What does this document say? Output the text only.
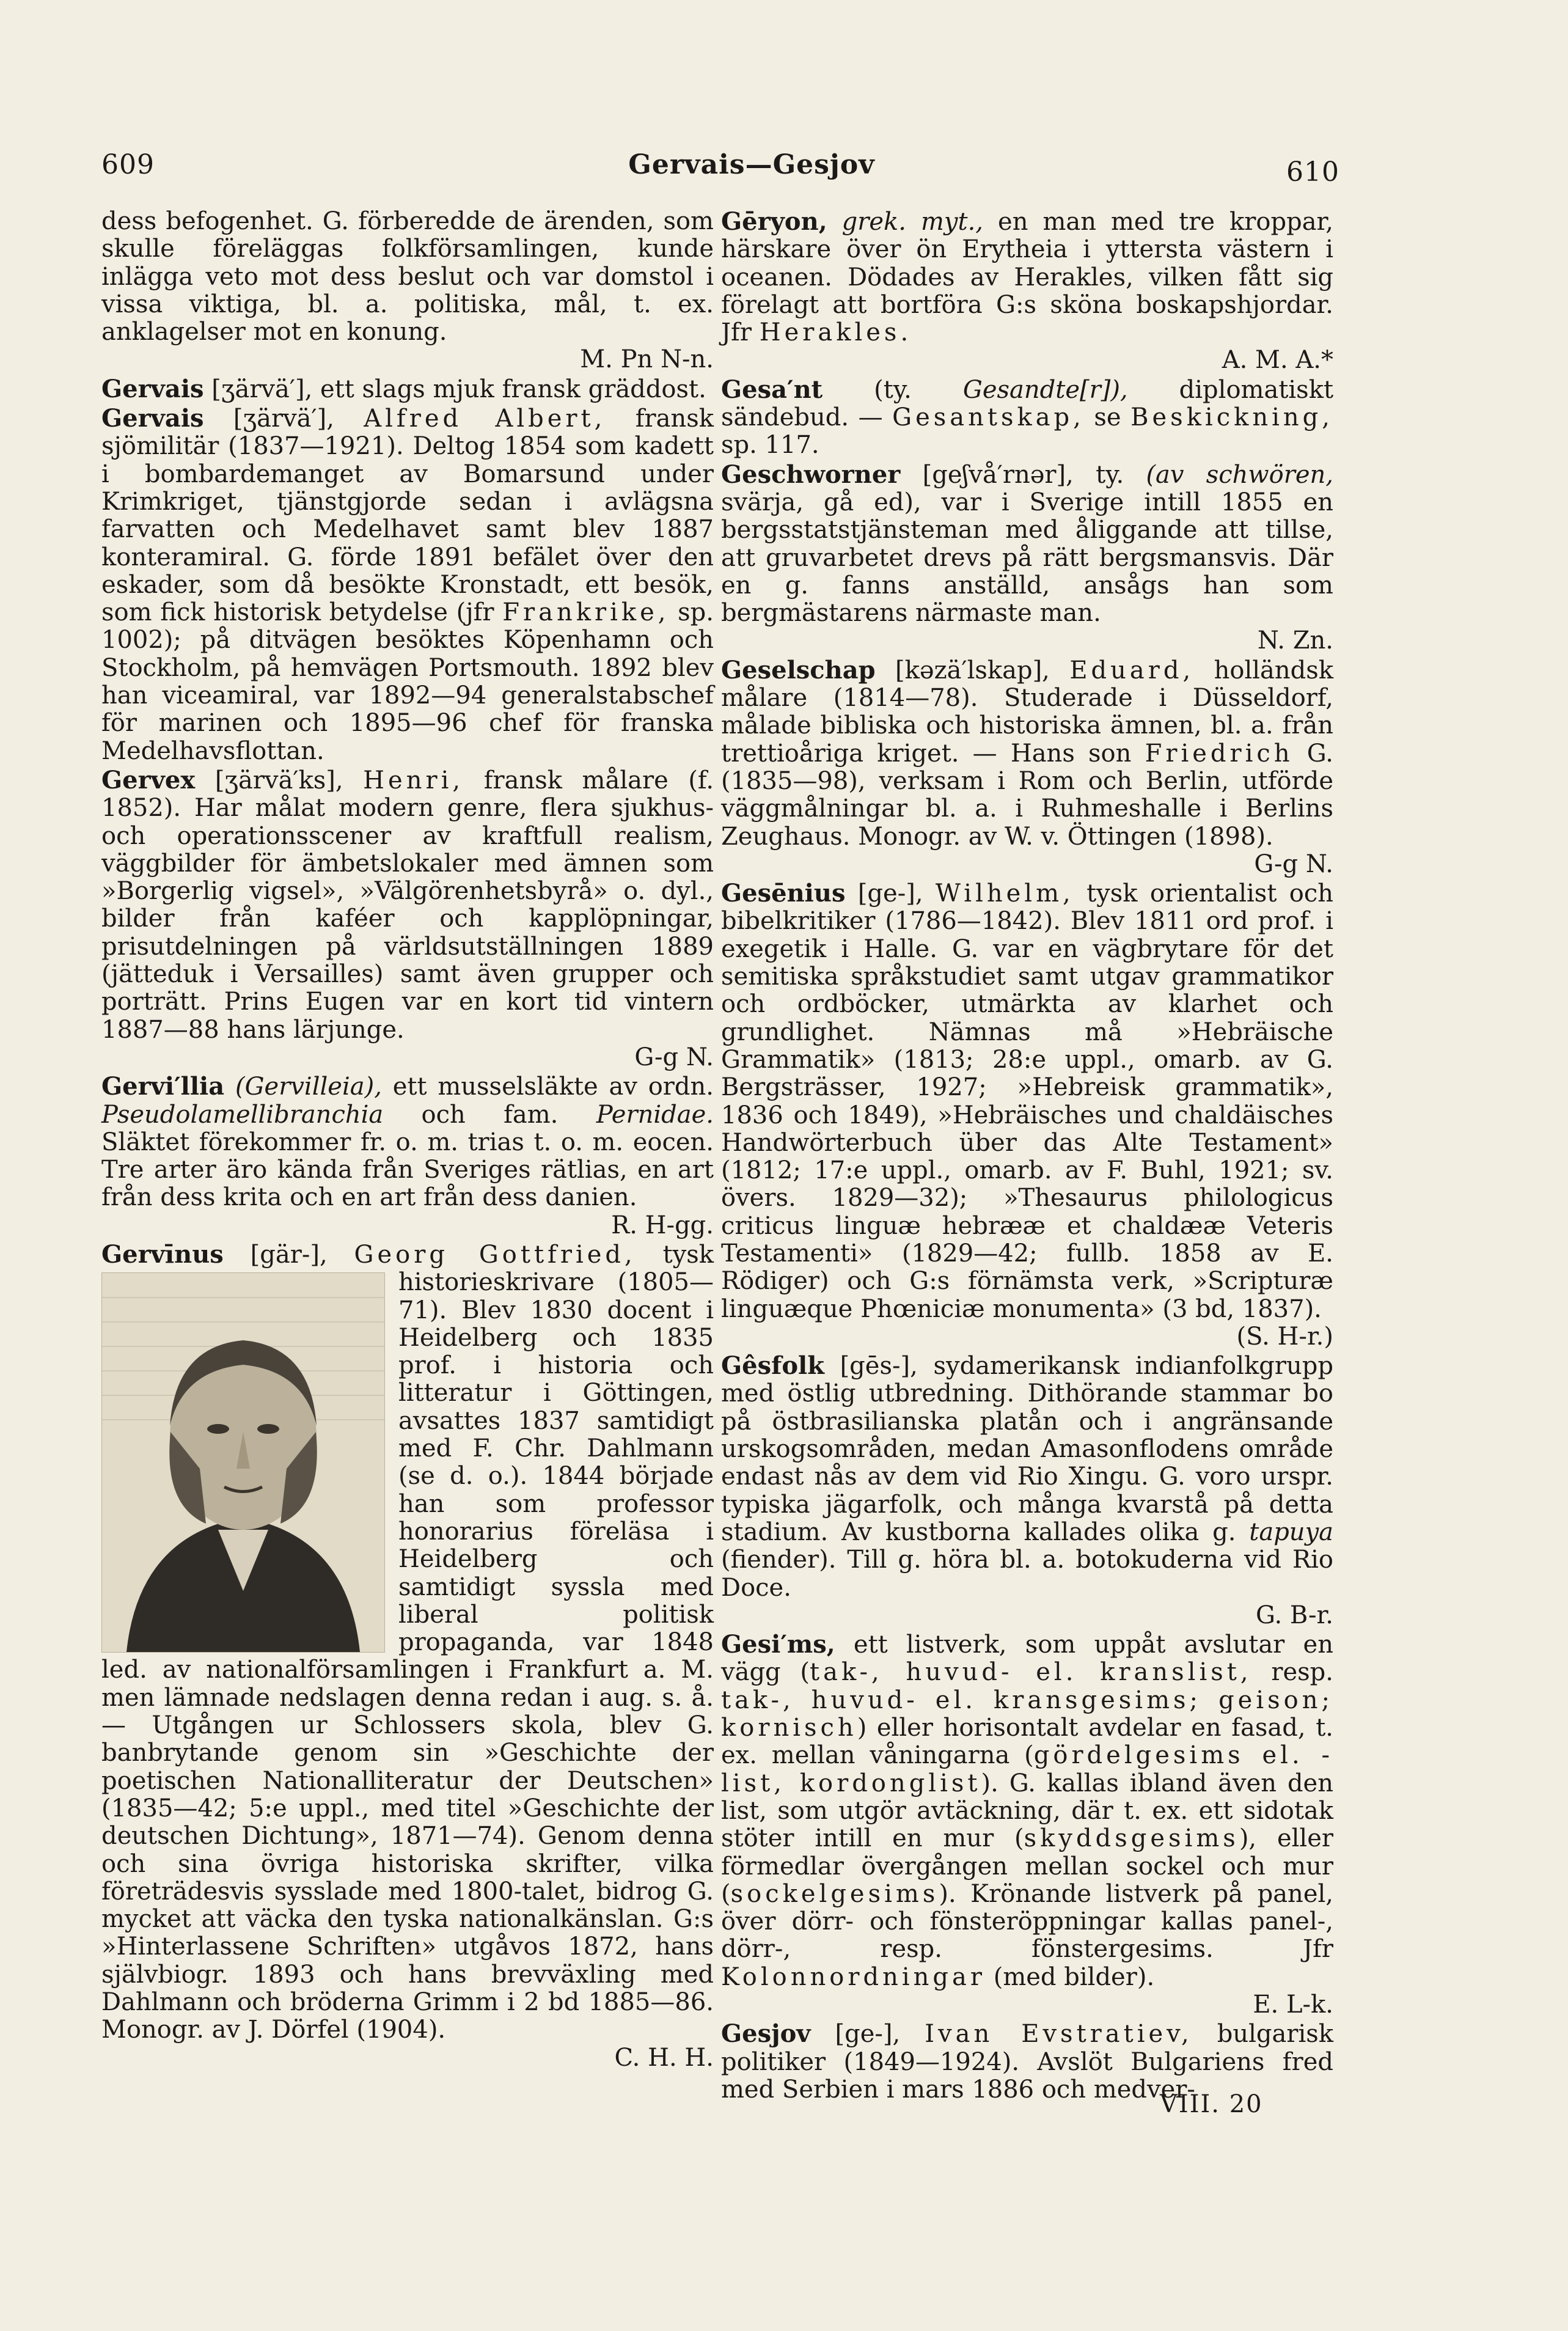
609	Gervais—Gesjov	610

dess befogenhet. G. förberedde de ärenden, som skulle föreläggas folkförsamlingen, kunde inlägga veto mot dess beslut och var domstol i vissa viktiga, bl. a. politiska, mål, t. ex. anklagelser mot en konung.
M. Pn N-n.

Gervais [ʒärvä′], ett slags mjuk fransk gräddost.

Gervais [ʒärvä′], Alfred Albert, fransk sjömilitär (1837—1921). Deltog 1854 som kadett i bombardemanget av Bomarsund under Krimkriget, tjänstgjorde sedan i avlägsna farvatten och Medelhavet samt blev 1887 konteramiral. G. förde 1891 befälet över den eskader, som då besökte Kronstadt, ett besök, som fick historisk betydelse (jfr Frankrike, sp. 1002); på ditvägen besöktes Köpenhamn och Stockholm, på hemvägen Portsmouth. 1892 blev han viceamiral, var 1892—94 generalstabschef för marinen och 1895—96 chef för franska Medelhavsflottan.

Gervex [ʒärvä′ks], Henri, fransk målare (f. 1852). Har målat modern genre, flera sjukhus- och operationsscener av kraftfull realism, väggbilder för ämbetslokaler med ämnen som »Borgerlig vigsel», »Välgörenhetsbyrå» o. dyl., bilder från kaféer och kapplöpningar, prisutdelningen på världsutställningen 1889 (jätteduk i Versailles) samt även grupper och porträtt. Prins Eugen var en kort tid vintern 1887—88 hans lärjunge.
G-g N.

Gervi′llia (Gervilleia), ett musselsläkte av ordn. Pseudolamellibranchia och fam. Pernidae. Släktet förekommer fr. o. m. trias t. o. m. eocen. Tre arter äro kända från Sveriges rätlias, en art från dess krita och en art från dess danien.
R. H-gg.

Gervīnus [gär-], Georg Gottfried, tysk historieskrivare (1805—71). Blev 1830 docent i Heidelberg och 1835 prof. i historia och litteratur i Göttingen, avsattes 1837 samtidigt med F. Chr. Dahlmann (se d. o.). 1844 började han som professor honorarius föreläsa i Heidelberg och samtidigt syssla med liberal politisk propaganda, var 1848 led. av nationalförsamlingen i Frankfurt a. M. men lämnade nedslagen denna redan i aug. s. å. — Utgången ur Schlossers skola, blev G. banbrytande genom sin »Geschichte der poetischen Nationalliteratur der Deutschen» (1835—42; 5:e uppl., med titel »Geschichte der deutschen Dichtung», 1871—74). Genom denna och sina övriga historiska skrifter, vilka företrädesvis sysslade med 1800-talet, bidrog G. mycket att väcka den tyska nationalkänslan. G:s »Hinterlassene Schriften» utgåvos 1872, hans självbiogr. 1893 och hans brevväxling med Dahlmann och bröderna Grimm i 2 bd 1885—86. Monogr. av J. Dörfel (1904).
C. H. H.

Gēryon, grek. myt., en man med tre kroppar, härskare över ön Erytheia i yttersta västern i oceanen. Dödades av Herakles, vilken fått sig förelagt att bortföra G:s sköna boskapshjordar. Jfr Herakles.
A. M. A.*

Gesa′nt (ty. Gesandte[r]), diplomatiskt sändebud. — Gesantskap, se Beskickning, sp. 117.

Geschworner [geʃvå′rnər], ty. (av schwören, svärja, gå ed), var i Sverige intill 1855 en bergsstatstjänsteman med åliggande att tillse, att gruvarbetet drevs på rätt bergsmansvis. Där en g. fanns anställd, ansågs han som bergmästarens närmaste man.
N. Zn.

Geselschap [kəzä′lskap], Eduard, holländsk målare (1814—78). Studerade i Düsseldorf, målade bibliska och historiska ämnen, bl. a. från trettioåriga kriget. — Hans son Friedrich G. (1835—98), verksam i Rom och Berlin, utförde väggmålningar bl. a. i Ruhmeshalle i Berlins Zeughaus. Monogr. av W. v. Öttingen (1898).
G-g N.

Gesēnius [ge-], Wilhelm, tysk orientalist och bibelkritiker (1786—1842). Blev 1811 ord prof. i exegetik i Halle. G. var en vägbrytare för det semitiska språkstudiet samt utgav grammatikor och ordböcker, utmärkta av klarhet och grundlighet. Nämnas må »Hebräische Grammatik» (1813; 28:e uppl., omarb. av G. Bergsträsser, 1927; »Hebreisk grammatik», 1836 och 1849), »Hebräisches und chaldäisches Handwörterbuch über das Alte Testament» (1812; 17:e uppl., omarb. av F. Buhl, 1921; sv. övers. 1829—32); »Thesaurus philologicus criticus linguæ hebrææ et chaldææ Veteris Testamenti» (1829—42; fullb. 1858 av E. Rödiger) och G:s förnämsta verk, »Scripturæ linguæque Phœniciæ monumenta» (3 bd, 1837).
(S. H-r.)

Gêsfolk [gēs-], sydamerikansk indianfolkgrupp med östlig utbredning. Dithörande stammar bo på östbrasilianska platån och i angränsande urskogsområden, medan Amasonflodens område endast nås av dem vid Rio Xingu. G. voro urspr. typiska jägarfolk, och många kvarstå på detta stadium. Av kustborna kallades olika g. tapuya (fiender). Till g. höra bl. a. botokuderna vid Rio Doce.
G. B-r.

Gesi′ms, ett listverk, som uppåt avslutar en vägg (tak-, huvud- el. kranslist, resp. tak-, huvud- el. kransgesims; geison; kornisch) eller horisontalt avdelar en fasad, t. ex. mellan våningarna (gördelgesims el. -list, kordonglist). G. kallas ibland även den list, som utgör avtäckning, där t. ex. ett sidotak stöter intill en mur (skyddsgesims), eller förmedlar övergången mellan sockel och mur (sockelgesims). Krönande listverk på panel, över dörr- och fönsteröppningar kallas panel-, dörr-, resp. fönstergesims. Jfr Kolonnordningar (med bilder).
E. L-k.

Gesjov [ge-], Ivan Evstratiev, bulgarisk politiker (1849—1924). Avslöt Bulgariens fred med Serbien i mars 1886 och medver-

VIII. 20
